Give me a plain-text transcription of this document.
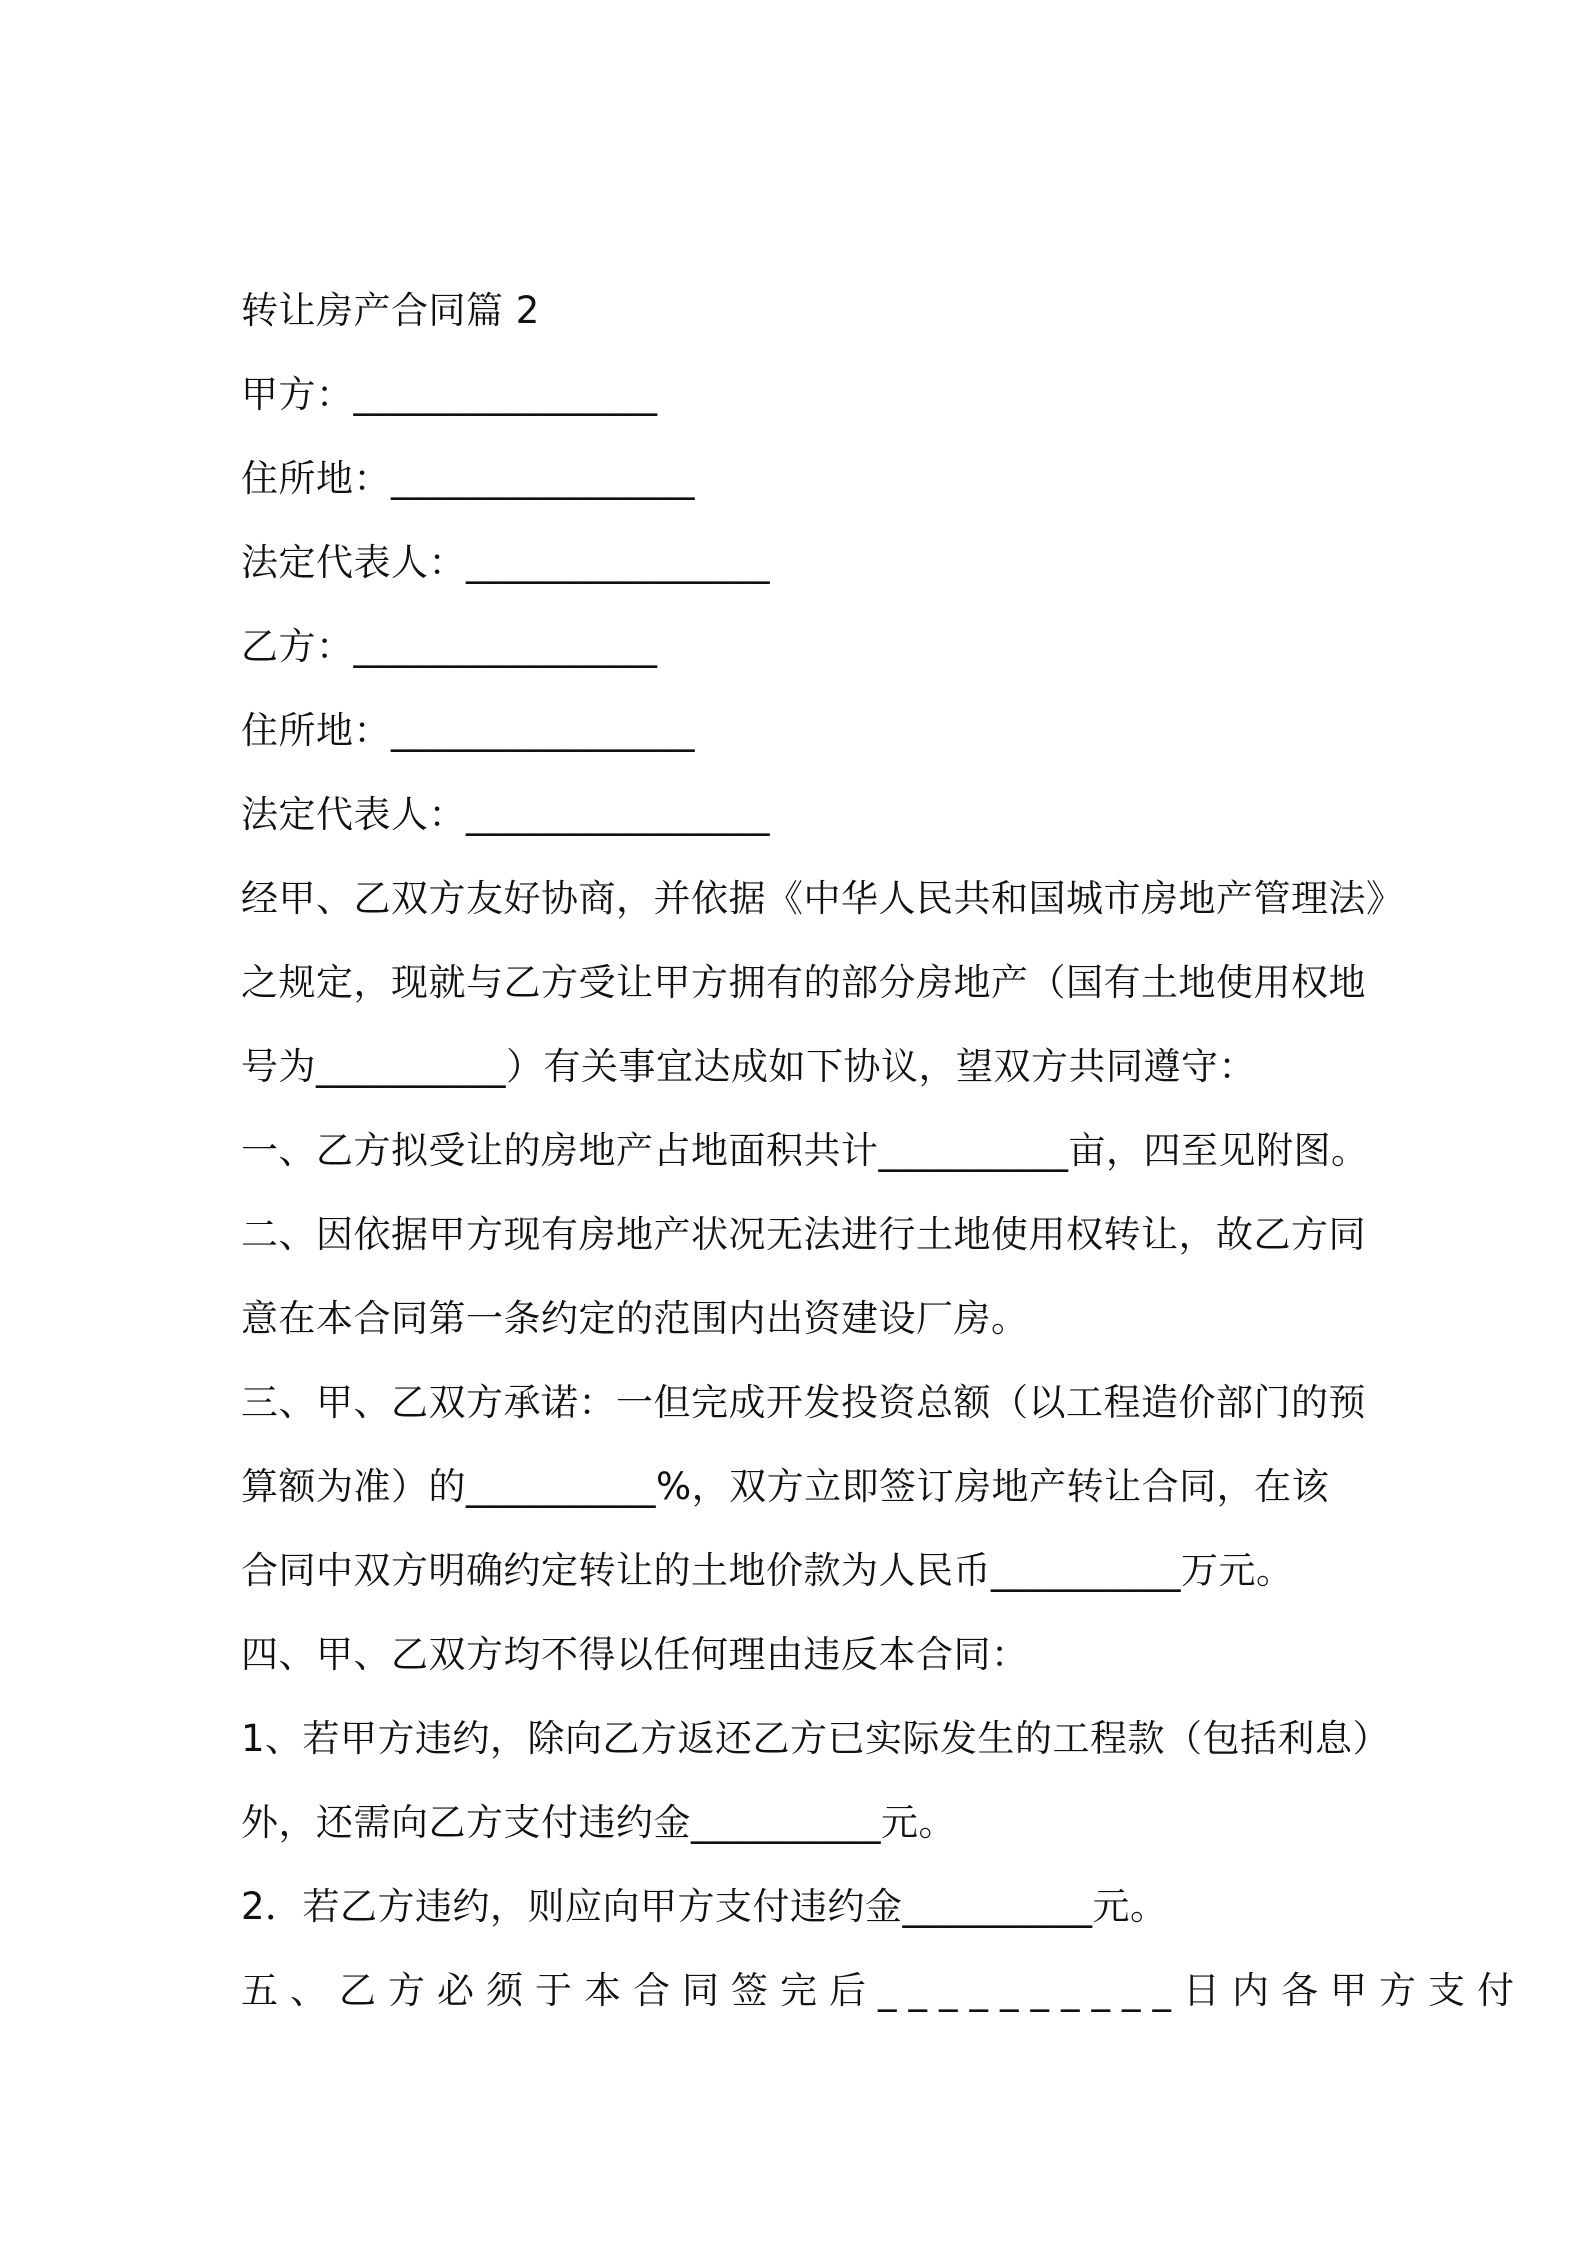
转让房产合同篇 2
甲方：________________
住所地：________________
法定代表人：________________
乙方：________________
住所地：________________
法定代表人：________________
经甲、乙双方友好协商，并依据《中华人民共和国城市房地产管理法》
之规定，现就与乙方受让甲方拥有的部分房地产（国有土地使用权地
号为__________）有关事宜达成如下协议，望双方共同遵守：
一、乙方拟受让的房地产占地面积共计__________亩，四至见附图。
二、因依据甲方现有房地产状况无法进行土地使用权转让，故乙方同
意在本合同第一条约定的范围内出资建设厂房。
三、甲、乙双方承诺：一但完成开发投资总额（以工程造价部门的预
算额为准）的__________%，双方立即签订房地产转让合同，在该
合同中双方明确约定转让的土地价款为人民币__________万元。
四、甲、乙双方均不得以任何理由违反本合同：
1、若甲方违约，除向乙方返还乙方已实际发生的工程款（包括利息）
外，还需向乙方支付违约金__________元。
2．若乙方违约，则应向甲方支付违约金__________元。
五、乙方必须于本合同签完后__________日内各甲方支付
